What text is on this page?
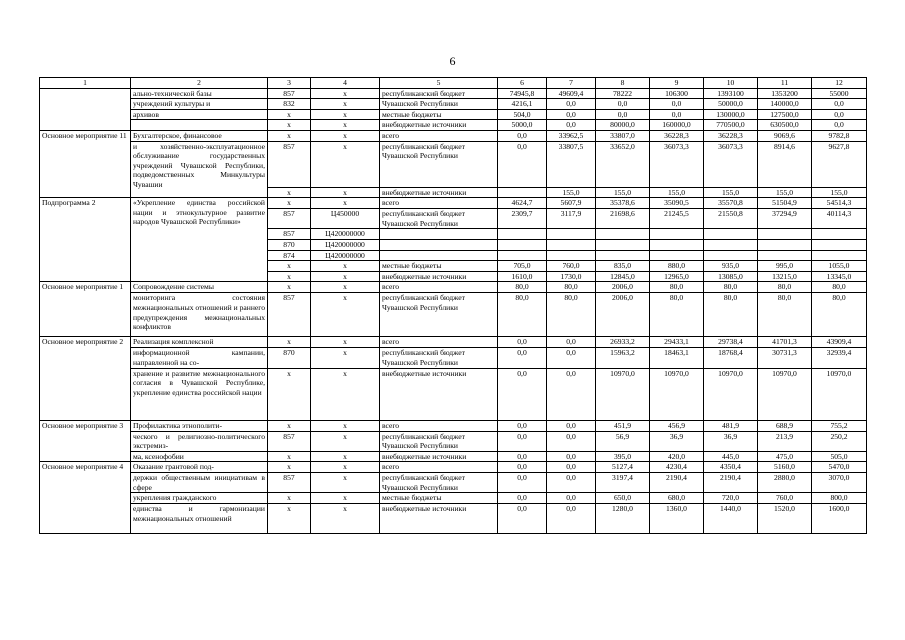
6
1	2	3	4	5	6	7	8	9	10	11	12
	ально-технической базы	857	x	республиканский бюджет	74945,8	49609,4	78222	106300	1393100	1353200	55000
	учреждений культуры и	832	x	Чувашской Республики	4216,1	0,0	0,0	0,0	50000,0	140000,0	0,0
	архивов	x	x	местные бюджеты	504,0	0,0	0,0	0,0	130000,0	127500,0	0,0
		x	x	внебюджетные источники	5000,0	0,0	80000,0	160000,0	770500,0	630500,0	0,0
Основное мероприятие 11	Бухгалтерское, финансовое	x	x	всего	0,0	33962,5	33807,0	36228,3	36228,3	9069,6	9782,8
	и хозяйственно-эксплуатационное обслуживание государственных учреждений Чувашской Республики, подведомственных Минкультуры Чувашии	857	x	республиканский бюджет Чувашской Республики	0,0	33807,5	33652,0	36073,3	36073,3	8914,6	9627,8
		x	x	внебюджетные источники		155,0	155,0	155,0	155,0	155,0	155,0
Подпрограмма 2	«Укрепление единства российской нации и этнокультурное развитие народов Чувашской Республики»	x	x	всего	4624,7	5607,9	35378,6	35090,5	35570,8	51504,9	54514,3
		857	Ц450000	республиканский бюджет Чувашской Республики	2309,7	3117,9	21698,6	21245,5	21550,8	37294,9	40114,3
		857	Ц420000000								
		870	Ц420000000								
		874	Ц420000000								
		x	x	местные бюджеты	705,0	760,0	835,0	880,0	935,0	995,0	1055,0
		x	x	внебюджетные источники	1610,0	1730,0	12845,0	12965,0	13085,0	13215,0	13345,0
Основное мероприятие 1	Сопровождение системы	x	x	всего	80,0	80,0	2006,0	80,0	80,0	80,0	80,0
	мониторинга состояния межнациональных отношений и раннего предупреждения межнациональных конфликтов	857	x	республиканский бюджет Чувашской Республики	80,0	80,0	2006,0	80,0	80,0	80,0	80,0
Основное мероприятие 2	Реализация комплексной	x	x	всего	0,0	0,0	26933,2	29433,1	29738,4	41701,3	43909,4
	информационной кампании, направленной на со-	870	x	республиканский бюджет Чувашской Республики	0,0	0,0	15963,2	18463,1	18768,4	30731,3	32939,4
	хранение и развитие межнационального согласия в Чувашской Республике, укрепление единства российской нации	x	x	внебюджетные источники	0,0	0,0	10970,0	10970,0	10970,0	10970,0	10970,0
Основное мероприятие 3	Профилактика этнополити-	x	x	всего	0,0	0,0	451,9	456,9	481,9	688,9	755,2
	ческого и религиозно-политического экстремиз-	857	x	республиканский бюджет Чувашской Республики	0,0	0,0	56,9	36,9	36,9	213,9	250,2
	ма, ксенофобии	x	x	внебюджетные источники	0,0	0,0	395,0	420,0	445,0	475,0	505,0
Основное мероприятие 4	Оказание грантовой под-	x	x	всего	0,0	0,0	5127,4	4230,4	4350,4	5160,0	5470,0
	держки общественным инициативам в сфере	857	x	республиканский бюджет Чувашской Республики	0,0	0,0	3197,4	2190,4	2190,4	2880,0	3070,0
	укрепления гражданского	x	x	местные бюджеты	0,0	0,0	650,0	680,0	720,0	760,0	800,0
	единства и гармонизации межнациональных отношений	x	x	внебюджетные источники	0,0	0,0	1280,0	1360,0	1440,0	1520,0	1600,0
